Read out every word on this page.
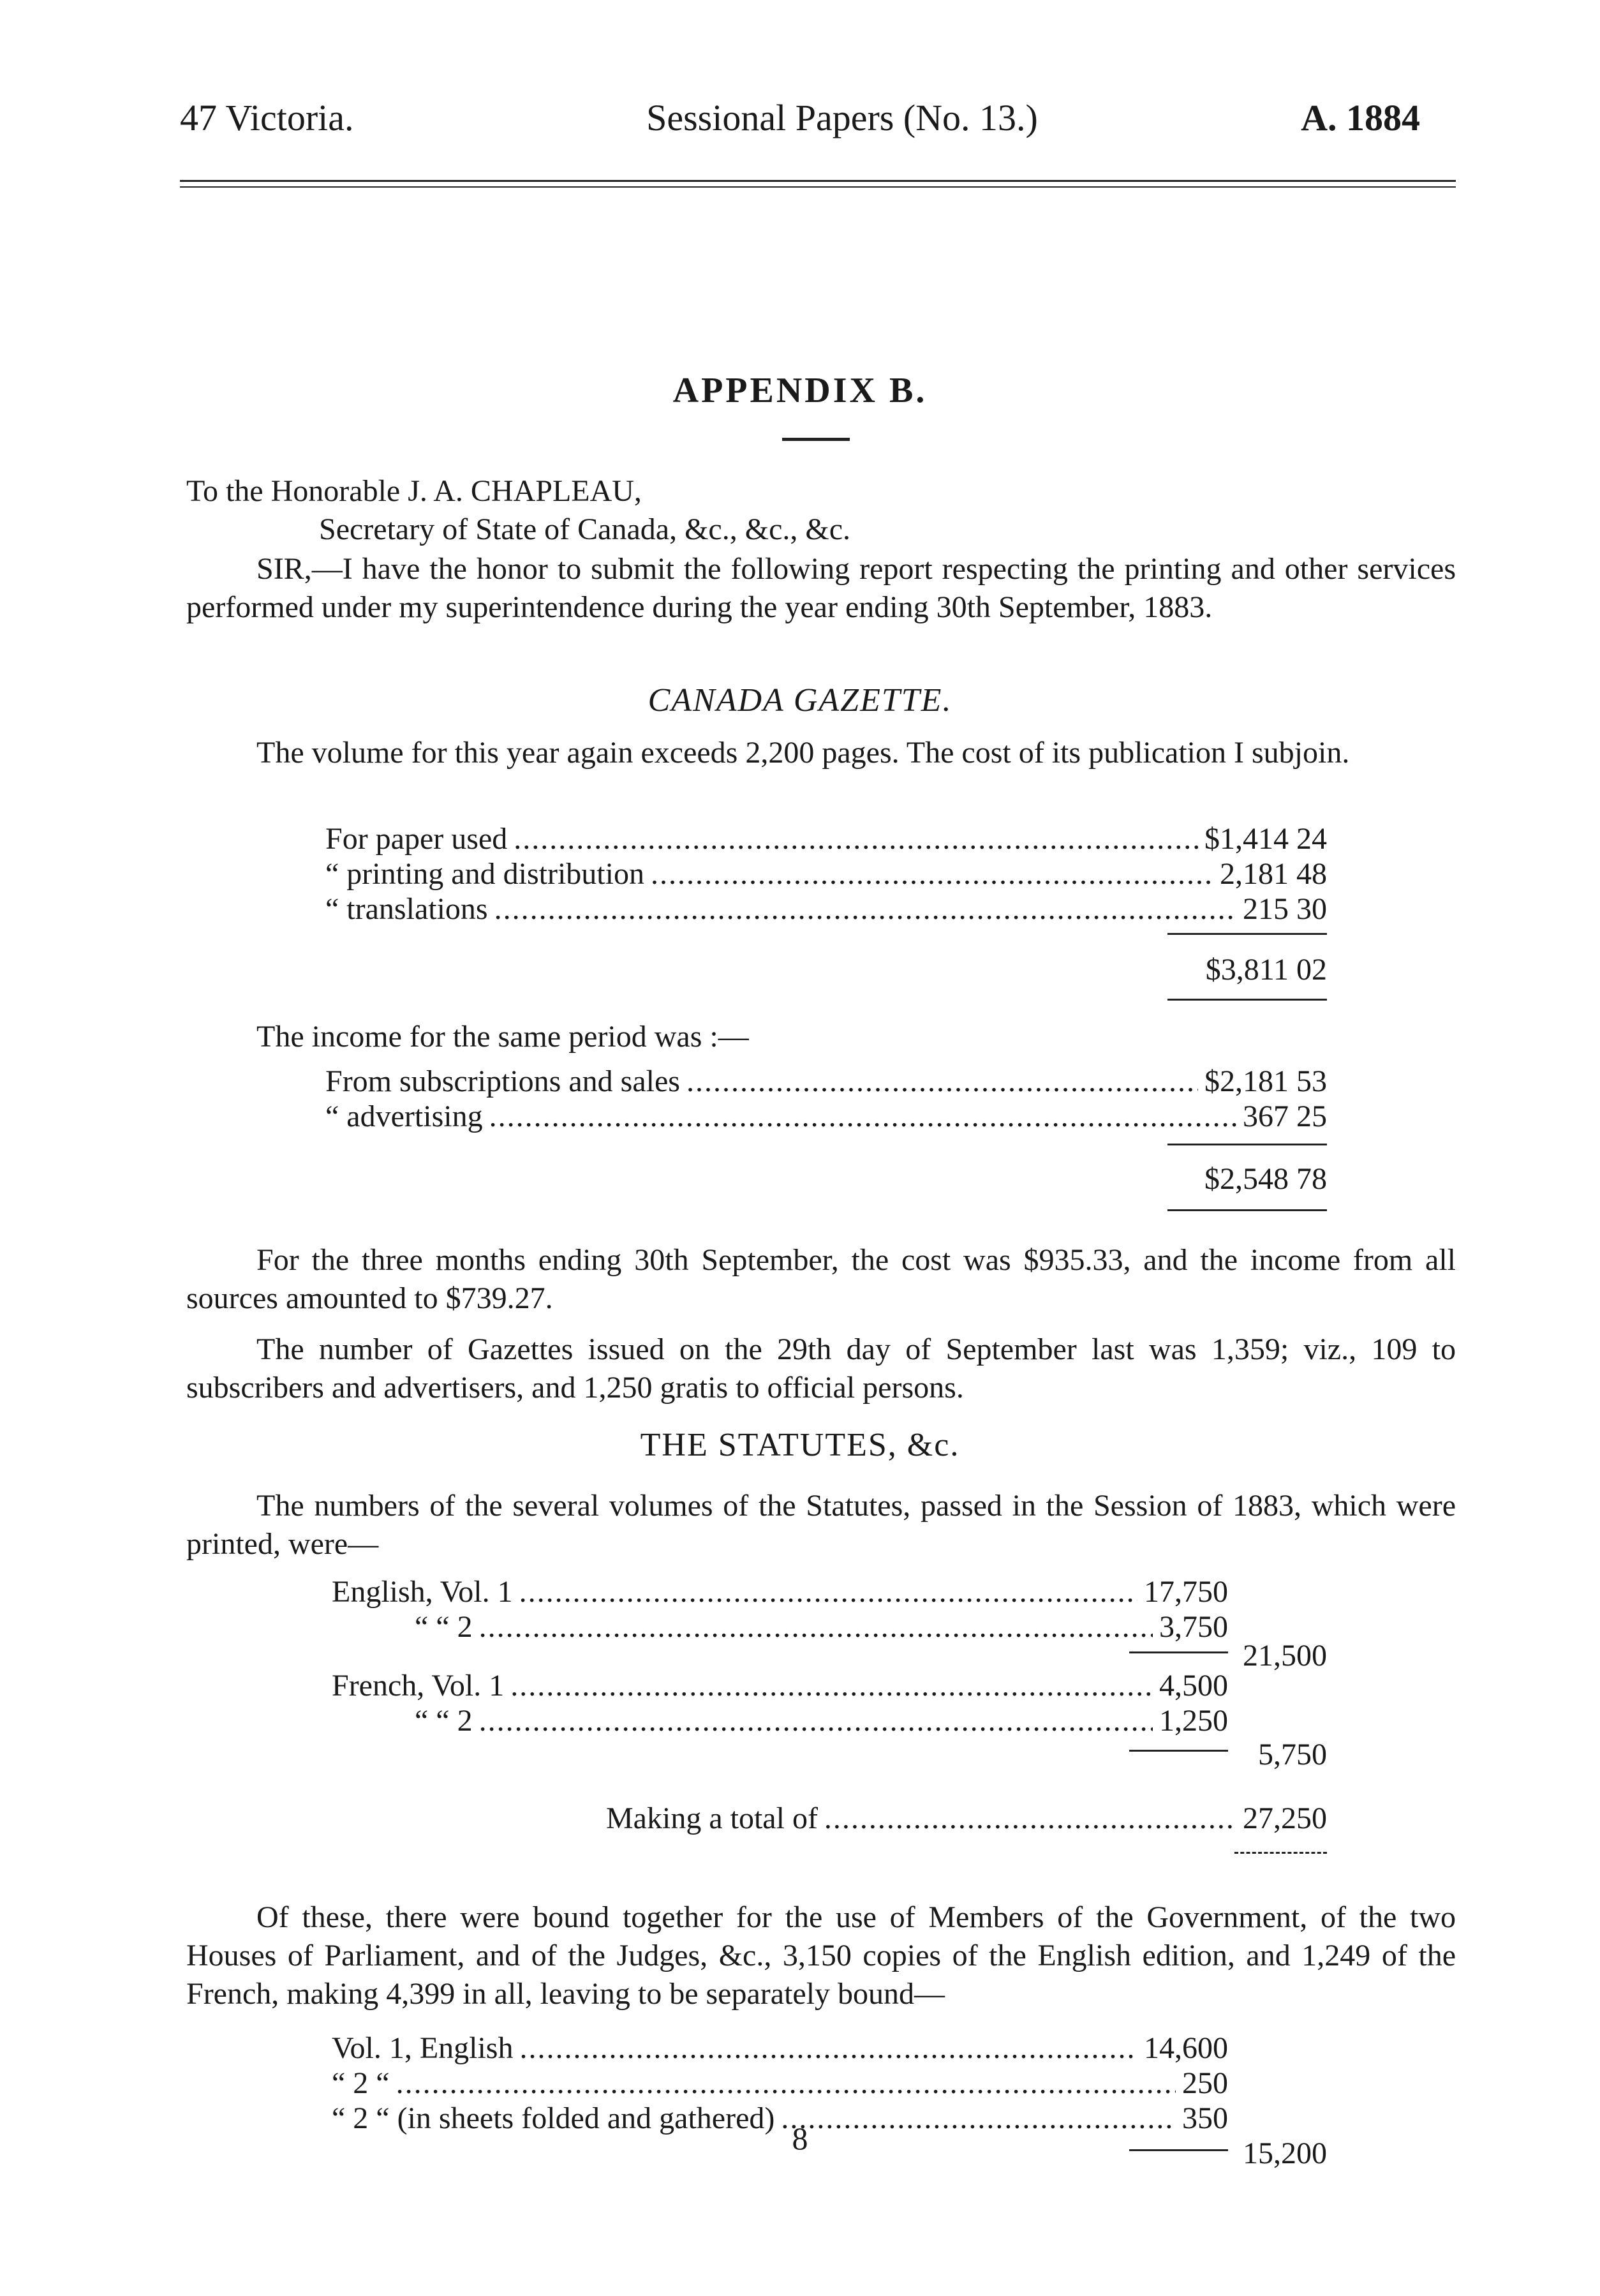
47 Victoria.	Sessional Papers (No. 13.)	A. 1884
APPENDIX B.
To the Honorable J. A. CHAPLEAU,
Secretary of State of Canada, &c., &c., &c.
SIR,—I have the honor to submit the following report respecting the printing and other services performed under my superintendence during the year ending 30th September, 1883.
CANADA GAZETTE.
The volume for this year again exceeds 2,200 pages. The cost of its publication I subjoin.
For paper used .....	$1,414 24
“ printing and distribution .....	2,181 48
“ translations .....	215 30
$3,811 02
The income for the same period was :—
From subscriptions and sales .....	$2,181 53
“ advertising .....	367 25
$2,548 78
For the three months ending 30th September, the cost was $935.33, and the income from all sources amounted to $739.27.
The number of Gazettes issued on the 29th day of September last was 1,359; viz., 109 to subscribers and advertisers, and 1,250 gratis to official persons.
THE STATUTES, &c.
The numbers of the several volumes of the Statutes, passed in the Session of 1883, which were printed, were—
English, Vol. 1 .....	17,750
“ “ 2 .....	3,750
21,500
French, Vol. 1 .....	4,500
“ “ 2 .....	1,250
5,750
Making a total of .....	27,250
Of these, there were bound together for the use of Members of the Government, of the two Houses of Parliament, and of the Judges, &c., 3,150 copies of the English edition, and 1,249 of the French, making 4,399 in all, leaving to be separately bound—
Vol. 1, English .....	14,600
“ 2 “ .....	250
“ 2 “ (in sheets folded and gathered) .....	350
15,200
8
